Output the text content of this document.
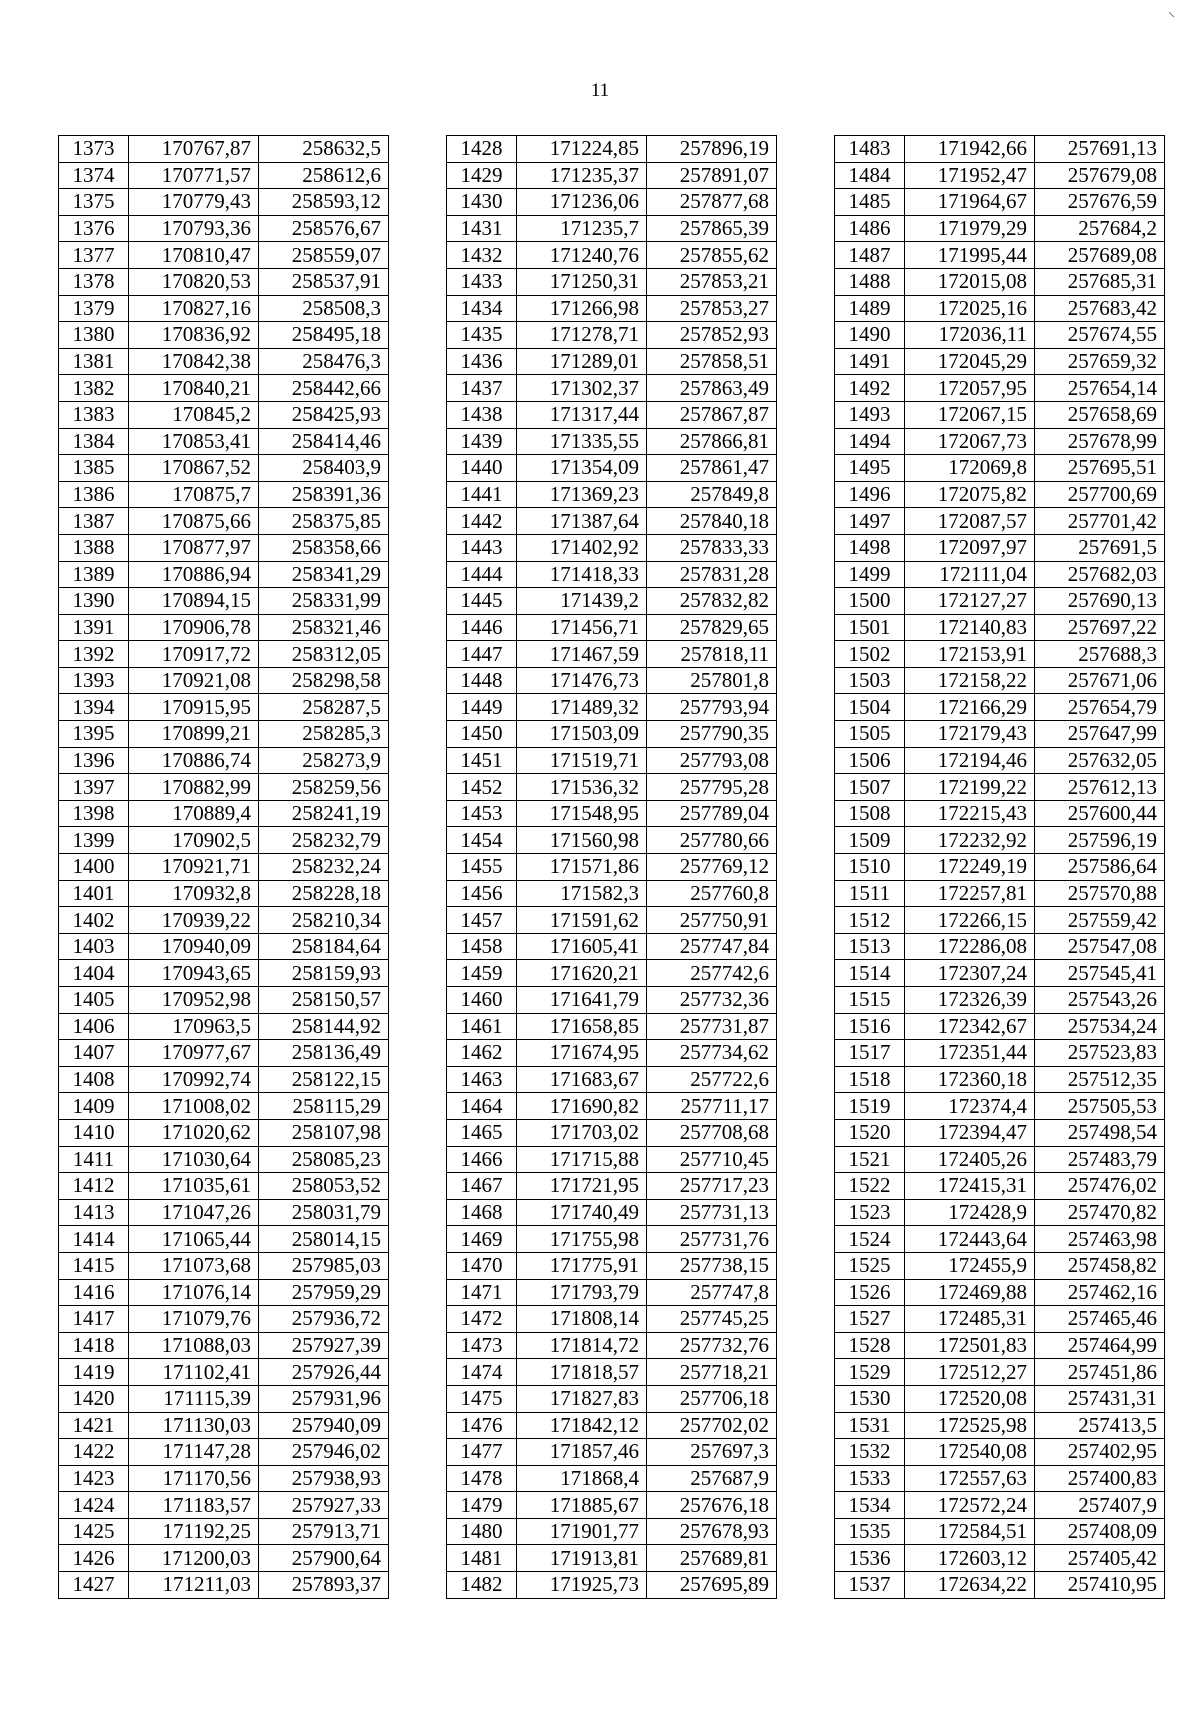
11
1373	170767,87	258632,5
1374	170771,57	258612,6
1375	170779,43	258593,12
1376	170793,36	258576,67
1377	170810,47	258559,07
1378	170820,53	258537,91
1379	170827,16	258508,3
1380	170836,92	258495,18
1381	170842,38	258476,3
1382	170840,21	258442,66
1383	170845,2	258425,93
1384	170853,41	258414,46
1385	170867,52	258403,9
1386	170875,7	258391,36
1387	170875,66	258375,85
1388	170877,97	258358,66
1389	170886,94	258341,29
1390	170894,15	258331,99
1391	170906,78	258321,46
1392	170917,72	258312,05
1393	170921,08	258298,58
1394	170915,95	258287,5
1395	170899,21	258285,3
1396	170886,74	258273,9
1397	170882,99	258259,56
1398	170889,4	258241,19
1399	170902,5	258232,79
1400	170921,71	258232,24
1401	170932,8	258228,18
1402	170939,22	258210,34
1403	170940,09	258184,64
1404	170943,65	258159,93
1405	170952,98	258150,57
1406	170963,5	258144,92
1407	170977,67	258136,49
1408	170992,74	258122,15
1409	171008,02	258115,29
1410	171020,62	258107,98
1411	171030,64	258085,23
1412	171035,61	258053,52
1413	171047,26	258031,79
1414	171065,44	258014,15
1415	171073,68	257985,03
1416	171076,14	257959,29
1417	171079,76	257936,72
1418	171088,03	257927,39
1419	171102,41	257926,44
1420	171115,39	257931,96
1421	171130,03	257940,09
1422	171147,28	257946,02
1423	171170,56	257938,93
1424	171183,57	257927,33
1425	171192,25	257913,71
1426	171200,03	257900,64
1427	171211,03	257893,37
1428	171224,85	257896,19
1429	171235,37	257891,07
1430	171236,06	257877,68
1431	171235,7	257865,39
1432	171240,76	257855,62
1433	171250,31	257853,21
1434	171266,98	257853,27
1435	171278,71	257852,93
1436	171289,01	257858,51
1437	171302,37	257863,49
1438	171317,44	257867,87
1439	171335,55	257866,81
1440	171354,09	257861,47
1441	171369,23	257849,8
1442	171387,64	257840,18
1443	171402,92	257833,33
1444	171418,33	257831,28
1445	171439,2	257832,82
1446	171456,71	257829,65
1447	171467,59	257818,11
1448	171476,73	257801,8
1449	171489,32	257793,94
1450	171503,09	257790,35
1451	171519,71	257793,08
1452	171536,32	257795,28
1453	171548,95	257789,04
1454	171560,98	257780,66
1455	171571,86	257769,12
1456	171582,3	257760,8
1457	171591,62	257750,91
1458	171605,41	257747,84
1459	171620,21	257742,6
1460	171641,79	257732,36
1461	171658,85	257731,87
1462	171674,95	257734,62
1463	171683,67	257722,6
1464	171690,82	257711,17
1465	171703,02	257708,68
1466	171715,88	257710,45
1467	171721,95	257717,23
1468	171740,49	257731,13
1469	171755,98	257731,76
1470	171775,91	257738,15
1471	171793,79	257747,8
1472	171808,14	257745,25
1473	171814,72	257732,76
1474	171818,57	257718,21
1475	171827,83	257706,18
1476	171842,12	257702,02
1477	171857,46	257697,3
1478	171868,4	257687,9
1479	171885,67	257676,18
1480	171901,77	257678,93
1481	171913,81	257689,81
1482	171925,73	257695,89
1483	171942,66	257691,13
1484	171952,47	257679,08
1485	171964,67	257676,59
1486	171979,29	257684,2
1487	171995,44	257689,08
1488	172015,08	257685,31
1489	172025,16	257683,42
1490	172036,11	257674,55
1491	172045,29	257659,32
1492	172057,95	257654,14
1493	172067,15	257658,69
1494	172067,73	257678,99
1495	172069,8	257695,51
1496	172075,82	257700,69
1497	172087,57	257701,42
1498	172097,97	257691,5
1499	172111,04	257682,03
1500	172127,27	257690,13
1501	172140,83	257697,22
1502	172153,91	257688,3
1503	172158,22	257671,06
1504	172166,29	257654,79
1505	172179,43	257647,99
1506	172194,46	257632,05
1507	172199,22	257612,13
1508	172215,43	257600,44
1509	172232,92	257596,19
1510	172249,19	257586,64
1511	172257,81	257570,88
1512	172266,15	257559,42
1513	172286,08	257547,08
1514	172307,24	257545,41
1515	172326,39	257543,26
1516	172342,67	257534,24
1517	172351,44	257523,83
1518	172360,18	257512,35
1519	172374,4	257505,53
1520	172394,47	257498,54
1521	172405,26	257483,79
1522	172415,31	257476,02
1523	172428,9	257470,82
1524	172443,64	257463,98
1525	172455,9	257458,82
1526	172469,88	257462,16
1527	172485,31	257465,46
1528	172501,83	257464,99
1529	172512,27	257451,86
1530	172520,08	257431,31
1531	172525,98	257413,5
1532	172540,08	257402,95
1533	172557,63	257400,83
1534	172572,24	257407,9
1535	172584,51	257408,09
1536	172603,12	257405,42
1537	172634,22	257410,95
⸌
